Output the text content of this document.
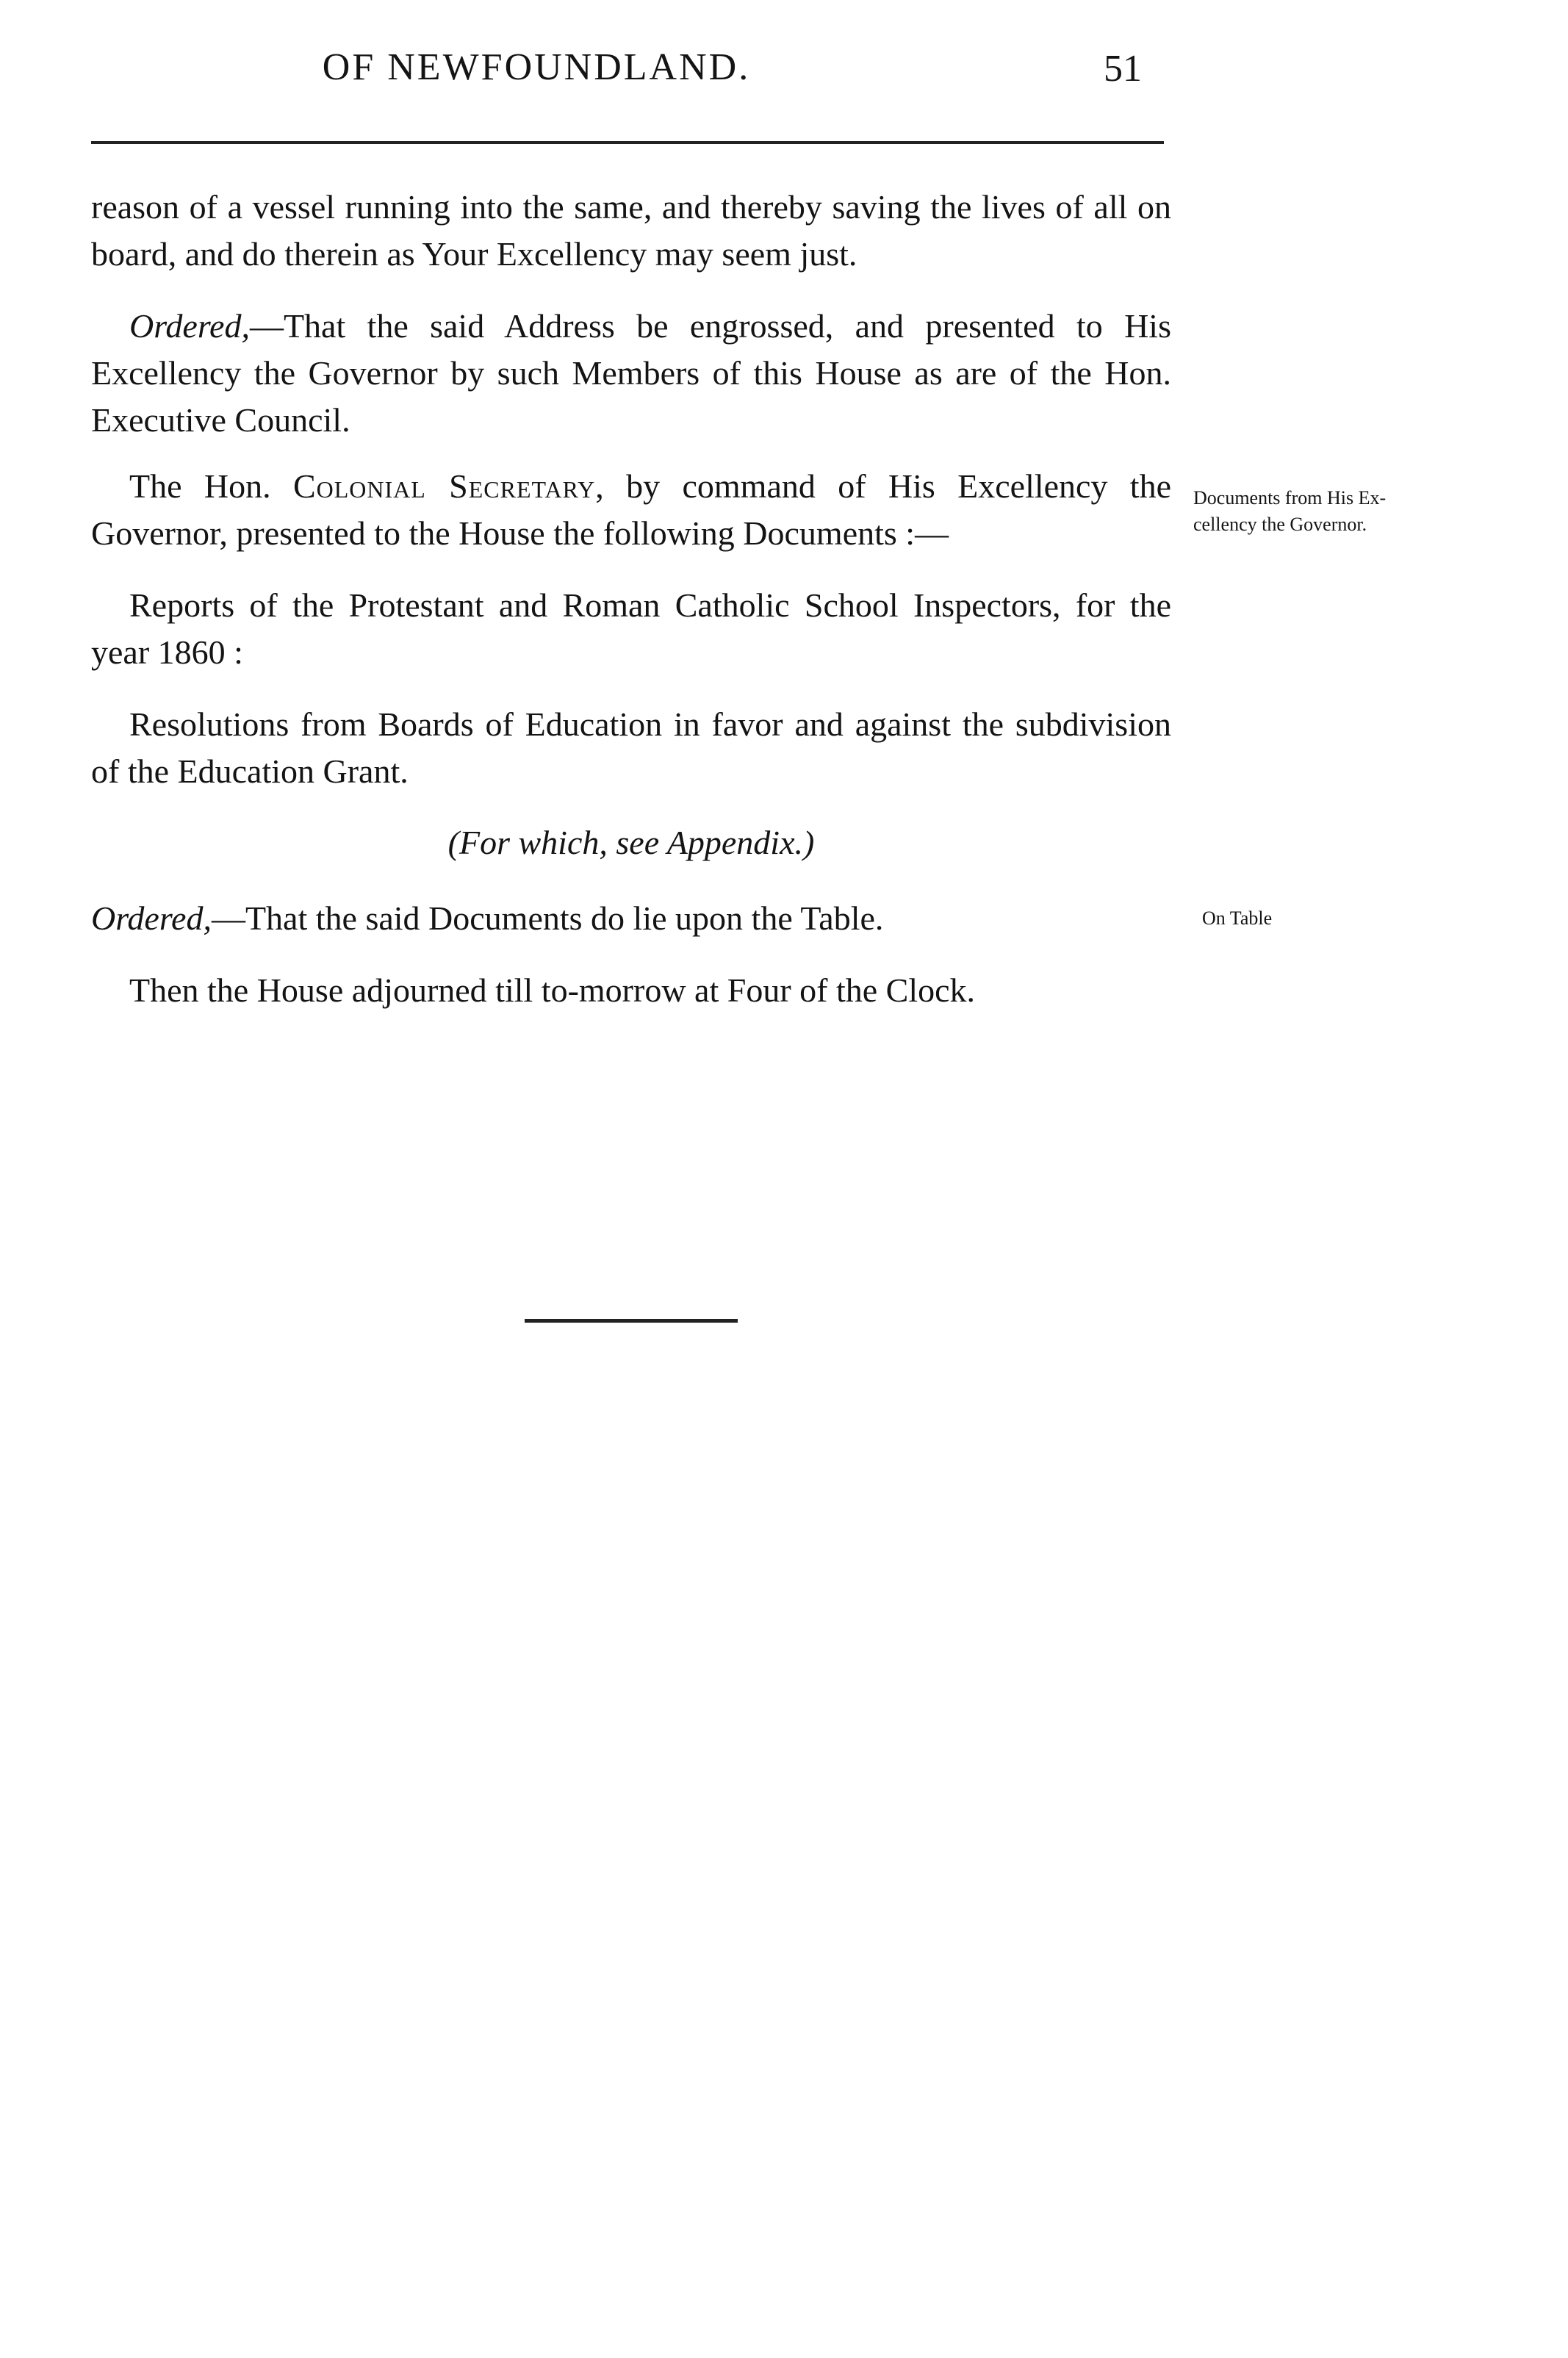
OF NEWFOUNDLAND.	51

reason of a vessel running into the same, and thereby saving the lives of all on board, and do therein as Your Excellency may seem just.

Ordered,—That the said Address be engrossed, and presented to His Excellency the Governor by such Members of this House as are of the Hon. Executive Council.

The Hon. Colonial Secretary, by command of His Excellency the Governor, presented to the House the following Documents :—

Documents from His Ex-
cellency the Governor.

Reports of the Protestant and Roman Catholic School Inspectors, for the year 1860 :

Resolutions from Boards of Education in favor and against the subdivision of the Education Grant.

(For which, see Appendix.)

Ordered,—That the said Documents do lie upon the Table.	On Table

Then the House adjourned till to-morrow at Four of the Clock.
